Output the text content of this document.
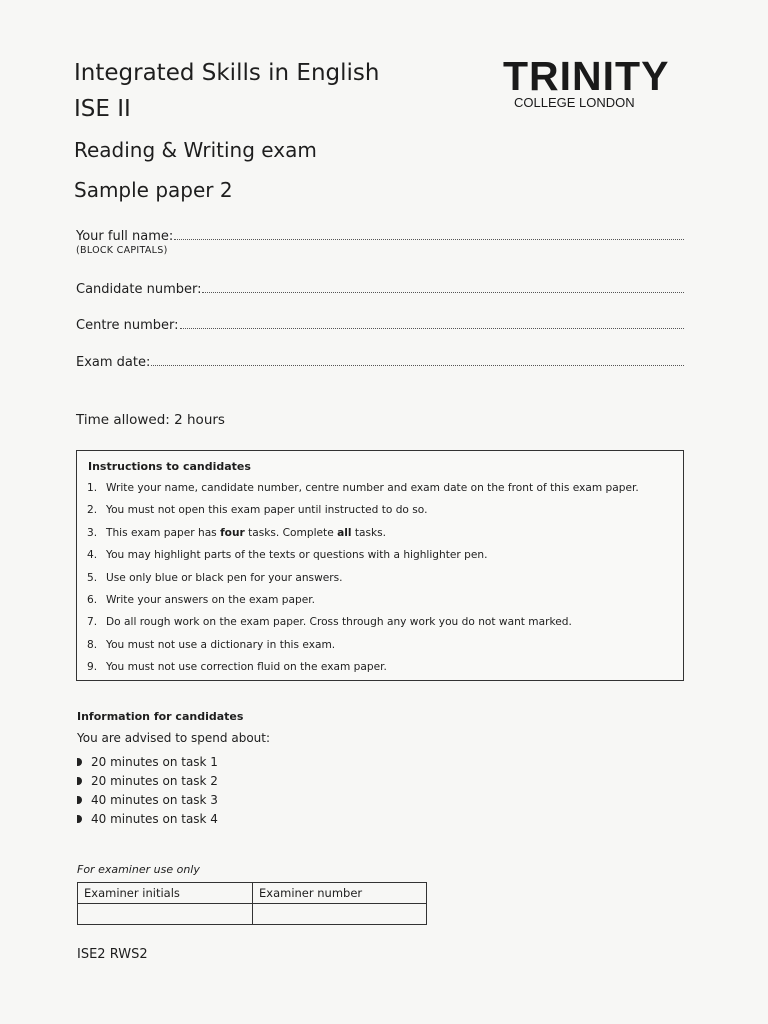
Integrated Skills in English
ISE II
Reading & Writing exam
Sample paper 2
TRINITY
COLLEGE LONDON
Your full name:
(BLOCK CAPITALS)
Candidate number:
Centre number:
Exam date:
Time allowed: 2 hours
Instructions to candidates
1. Write your name, candidate number, centre number and exam date on the front of this exam paper.
2. You must not open this exam paper until instructed to do so.
3. This exam paper has four tasks. Complete all tasks.
4. You may highlight parts of the texts or questions with a highlighter pen.
5. Use only blue or black pen for your answers.
6. Write your answers on the exam paper.
7. Do all rough work on the exam paper. Cross through any work you do not want marked.
8. You must not use a dictionary in this exam.
9. You must not use correction fluid on the exam paper.
Information for candidates
You are advised to spend about:
20 minutes on task 1
20 minutes on task 2
40 minutes on task 3
40 minutes on task 4
For examiner use only
Examiner initials	Examiner number

ISE2 RWS2
